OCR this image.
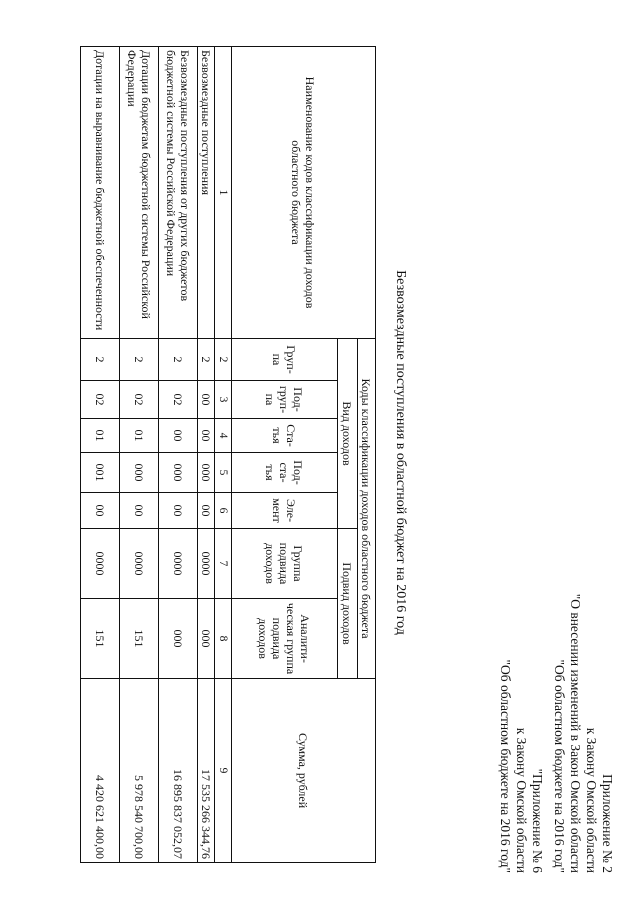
Приложение № 2
к Закону Омской области
"О внесении изменений в Закон Омской области
"Об областном бюджете на 2016 год"
"Приложение № 6
к Закону Омской области
"Об областном бюджете на 2016 год"
Безвозмездные поступления в областной бюджет на 2016 год
Наименование кодов классификации доходов областного бюджета	Коды классификации доходов областного бюджета							Сумма, рублей
	Вид доходов					Подвид доходов		
	Груп-па	Под-груп-па	Ста-тья	Под-ста-тья	Эле-мент	Группа подвида доходов	Аналити-ческая группа подвида доходов	
1	2	3	4	5	6	7	8	9
Безвозмездные поступления	2	00	00	000	00	0000	000	17 535 266 344,76
Безвозмездные поступления от других бюджетов бюджетной системы Российской Федерации	2	02	00	000	00	0000	000	16 895 837 052,07
Дотации бюджетам бюджетной системы Российской Федерации	2	02	01	000	00	0000	151	5 978 540 700,00
Дотации на выравнивание бюджетной обеспеченности	2	02	01	001	00	0000	151	4 420 621 400,00
